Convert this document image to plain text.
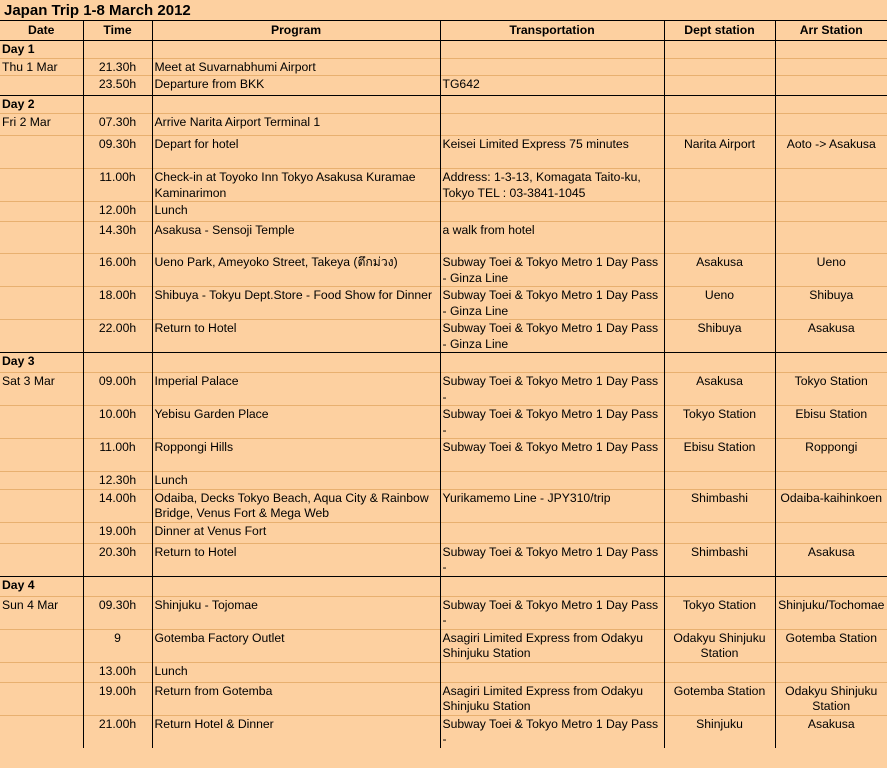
Japan Trip 1-8 March 2012
Date	Time	Program	Transportation	Dept station	Arr Station
Day 1					
Thu 1 Mar	21.30h	Meet at Suvarnabhumi Airport			
	23.50h	Departure from BKK	TG642		
Day 2					
Fri 2 Mar	07.30h	Arrive Narita Airport Terminal 1			
	09.30h	Depart for hotel	Keisei Limited Express 75 minutes	Narita Airport	Aoto -> Asakusa
	11.00h	Check-in at Toyoko Inn Tokyo Asakusa Kuramae Kaminarimon	Address: 1-3-13, Komagata Taito-ku, Tokyo TEL : 03-3841-1045		
	12.00h	Lunch			
	14.30h	Asakusa - Sensoji Temple	a walk from hotel		
	16.00h	Ueno Park, Ameyoko Street, Takeya (ตึกม่วง)	Subway Toei & Tokyo Metro 1 Day Pass - Ginza Line	Asakusa	Ueno
	18.00h	Shibuya - Tokyu Dept.Store - Food Show for Dinner	Subway Toei & Tokyo Metro 1 Day Pass - Ginza Line	Ueno	Shibuya
	22.00h	Return to Hotel	Subway Toei & Tokyo Metro 1 Day Pass - Ginza Line	Shibuya	Asakusa
Day 3					
Sat 3 Mar	09.00h	Imperial Palace	Subway Toei & Tokyo Metro 1 Day Pass -	Asakusa	Tokyo Station
	10.00h	Yebisu Garden Place	Subway Toei & Tokyo Metro 1 Day Pass -	Tokyo Station	Ebisu Station
	11.00h	Roppongi Hills	Subway Toei & Tokyo Metro 1 Day Pass	Ebisu Station	Roppongi
	12.30h	Lunch			
	14.00h	Odaiba, Decks Tokyo Beach, Aqua City & Rainbow Bridge, Venus Fort & Mega Web	Yurikamemo Line - JPY310/trip	Shimbashi	Odaiba-kaihinkoen
	19.00h	Dinner at Venus Fort			
	20.30h	Return to Hotel	Subway Toei & Tokyo Metro 1 Day Pass -	Shimbashi	Asakusa
Day 4					
Sun 4 Mar	09.30h	Shinjuku - Tojomae	Subway Toei & Tokyo Metro 1 Day Pass -	Tokyo Station	Shinjuku/Tochomae
	9	Gotemba Factory Outlet	Asagiri Limited Express from Odakyu Shinjuku Station	Odakyu Shinjuku Station	Gotemba Station
	13.00h	Lunch			
	19.00h	Return from Gotemba	Asagiri Limited Express from Odakyu Shinjuku Station	Gotemba Station	Odakyu Shinjuku Station
	21.00h	Return Hotel & Dinner	Subway Toei & Tokyo Metro 1 Day Pass -	Shinjuku	Asakusa
